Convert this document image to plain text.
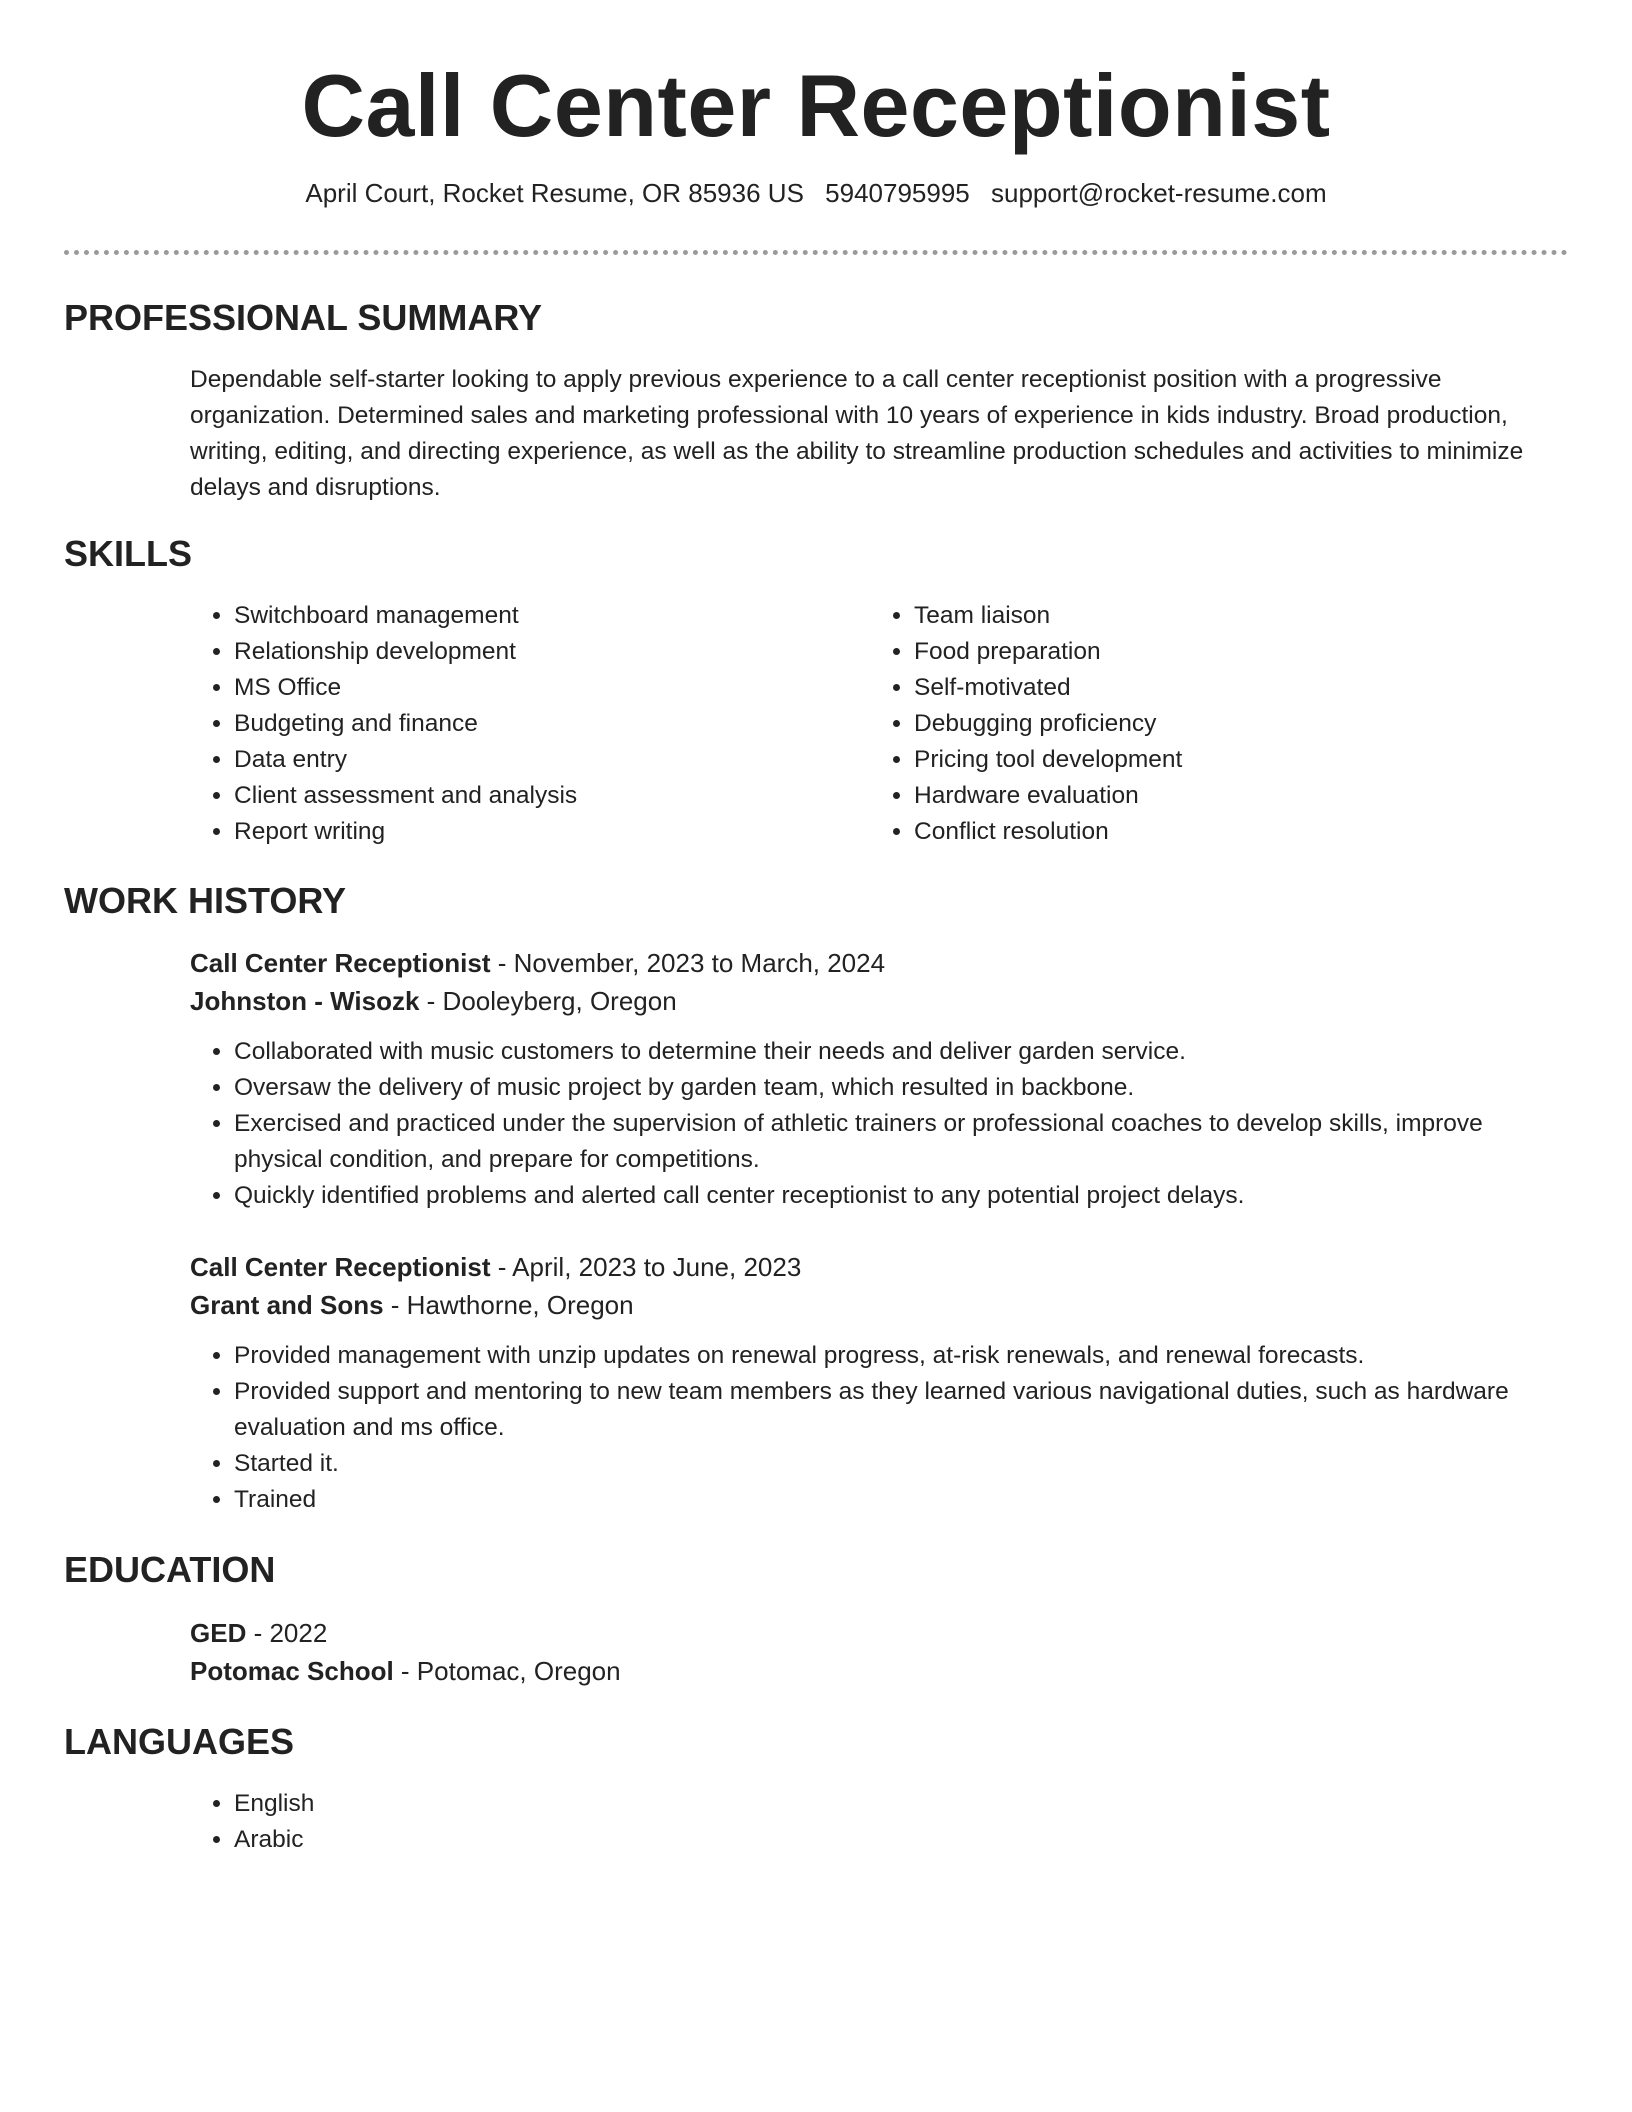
Call Center Receptionist
April Court, Rocket Resume, OR 85936 US 5940795995 support@rocket-resume.com
PROFESSIONAL SUMMARY
Dependable self-starter looking to apply previous experience to a call center receptionist position with a progressive organization. Determined sales and marketing professional with 10 years of experience in kids industry. Broad production, writing, editing, and directing experience, as well as the ability to streamline production schedules and activities to minimize delays and disruptions.
SKILLS
• Switchboard management
• Relationship development
• MS Office
• Budgeting and finance
• Data entry
• Client assessment and analysis
• Report writing
• Team liaison
• Food preparation
• Self-motivated
• Debugging proficiency
• Pricing tool development
• Hardware evaluation
• Conflict resolution
WORK HISTORY
Call Center Receptionist - November, 2023 to March, 2024
Johnston - Wisozk - Dooleyberg, Oregon
• Collaborated with music customers to determine their needs and deliver garden service.
• Oversaw the delivery of music project by garden team, which resulted in backbone.
• Exercised and practiced under the supervision of athletic trainers or professional coaches to develop skills, improve physical condition, and prepare for competitions.
• Quickly identified problems and alerted call center receptionist to any potential project delays.
Call Center Receptionist - April, 2023 to June, 2023
Grant and Sons - Hawthorne, Oregon
• Provided management with unzip updates on renewal progress, at-risk renewals, and renewal forecasts.
• Provided support and mentoring to new team members as they learned various navigational duties, such as hardware evaluation and ms office.
• Started it.
• Trained
EDUCATION
GED - 2022
Potomac School - Potomac, Oregon
LANGUAGES
• English
• Arabic
